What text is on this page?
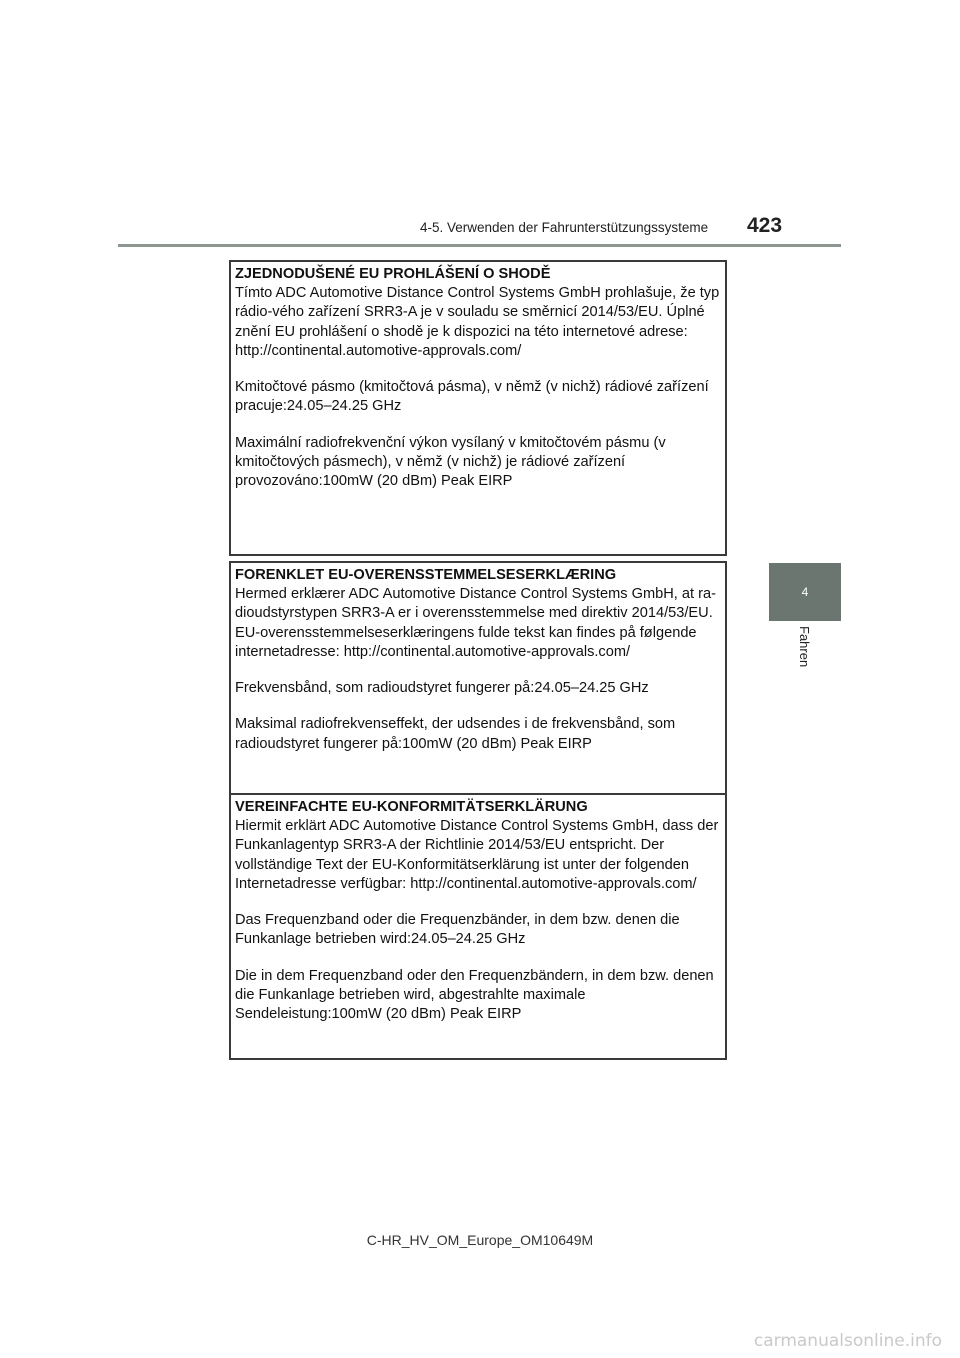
4-5. Verwenden der Fahrunterstützungssysteme 423
4
Fahren
ZJEDNODUŠENÉ EU PROHLÁŠENÍ O SHODĚ

Tímto ADC Automotive Distance Control Systems GmbH prohlašuje, že typ rádio-vého zařízení SRR3-A je v souladu se směrnicí 2014/53/EU. Úplné znění EU prohlášení o shodě je k dispozici na této internetové adrese: http://continental.automotive-approvals.com/

Kmitočtové pásmo (kmitočtová pásma), v němž (v nichž) rádiové zařízení pracuje:24.05–24.25 GHz

Maximální radiofrekvenční výkon vysílaný v kmitočtovém pásmu (v kmitočtových pásmech), v němž (v nichž) je rádiové zařízení provozováno:100mW (20 dBm) Peak EIRP

FORENKLET EU-OVERENSSTEMMELSESERKLÆRING

Hermed erklærer ADC Automotive Distance Control Systems GmbH, at ra-dioudstyrstypen SRR3-A er i overensstemmelse med direktiv 2014/53/EU. EU-overensstemmelseserklæringens fulde tekst kan findes på følgende internetadresse: http://continental.automotive-approvals.com/

Frekvensbånd, som radioudstyret fungerer på:24.05–24.25 GHz

Maksimal radiofrekvenseffekt, der udsendes i de frekvensbånd, som radioudstyret fungerer på:100mW (20 dBm) Peak EIRP

VEREINFACHTE EU-KONFORMITÄTSERKLÄRUNG

Hiermit erklärt ADC Automotive Distance Control Systems GmbH, dass der Funkanlagentyp SRR3-A der Richtlinie 2014/53/EU entspricht. Der vollständige Text der EU-Konformitätserklärung ist unter der folgenden Internetadresse verfügbar: http://continental.automotive-approvals.com/

Das Frequenzband oder die Frequenzbänder, in dem bzw. denen die Funkanlage betrieben wird:24.05–24.25 GHz

Die in dem Frequenzband oder den Frequenzbändern, in dem bzw. denen die Funkanlage betrieben wird, abgestrahlte maximale Sendeleistung:100mW (20 dBm) Peak EIRP

C-HR_HV_OM_Europe_OM10649M
carmanualsonline.info
